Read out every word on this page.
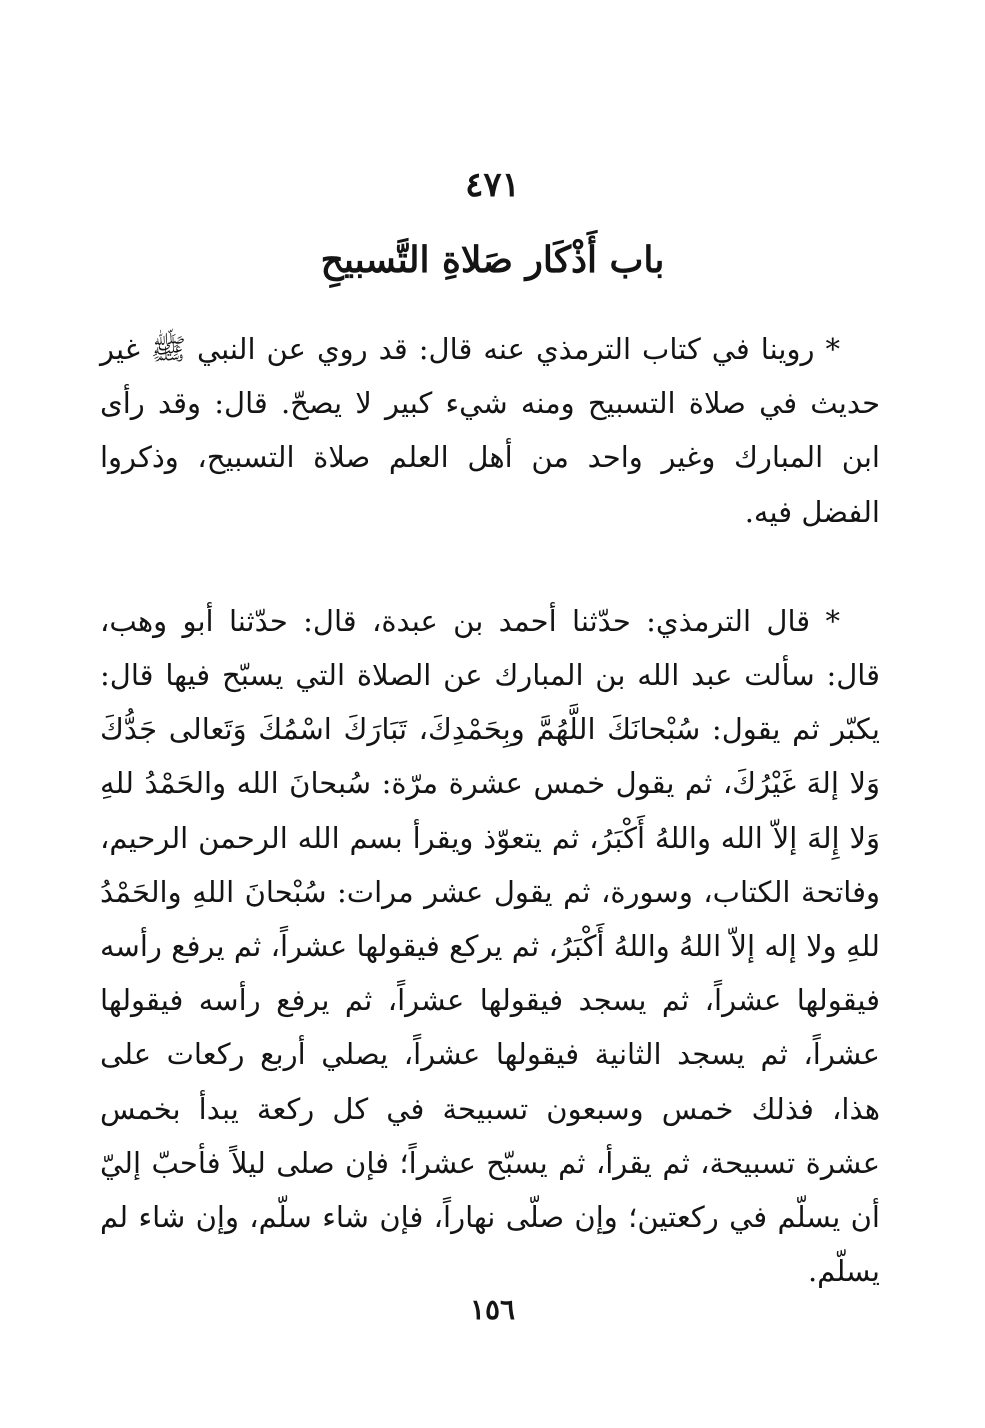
٤٧١
باب أَذْكَار صَلاةِ التَّسبيحِ

* روينا في كتاب الترمذي عنه قال: قد روي عن النبي ﷺ غير حديث في صلاة التسبيح ومنه شيء كبير لا يصحّ. قال: وقد رأى ابن المبارك وغير واحد من أهل العلم صلاة التسبيح، وذكروا الفضل فيه.

* قال الترمذي: حدّثنا أحمد بن عبدة، قال: حدّثنا أبو وهب، قال: سألت عبد الله بن المبارك عن الصلاة التي يسبّح فيها قال: يكبّر ثم يقول: سُبْحانَكَ اللَّهُمَّ وبِحَمْدِكَ، تَبَارَكَ اسْمُكَ وَتَعالى جَدُّكَ وَلا إلهَ غَيْرُكَ، ثم يقول خمس عشرة مرّة: سُبحانَ الله والحَمْدُ للهِ وَلا إِلهَ إلاّ الله واللهُ أَكْبَرُ، ثم يتعوّذ ويقرأ بسم الله الرحمن الرحيم، وفاتحة الكتاب، وسورة، ثم يقول عشر مرات: سُبْحانَ اللهِ والحَمْدُ للهِ ولا إله إلاّ اللهُ واللهُ أَكْبَرُ، ثم يركع فيقولها عشراً، ثم يرفع رأسه فيقولها عشراً، ثم يسجد فيقولها عشراً، ثم يرفع رأسه فيقولها عشراً، ثم يسجد الثانية فيقولها عشراً، يصلي أربع ركعات على هذا، فذلك خمس وسبعون تسبيحة في كل ركعة يبدأ بخمس عشرة تسبيحة، ثم يقرأ، ثم يسبّح عشراً؛ فإن صلى ليلاً فأحبّ إليّ أن يسلّم في ركعتين؛ وإن صلّى نهاراً، فإن شاء سلّم، وإن شاء لم يسلّم.

١٥٦
